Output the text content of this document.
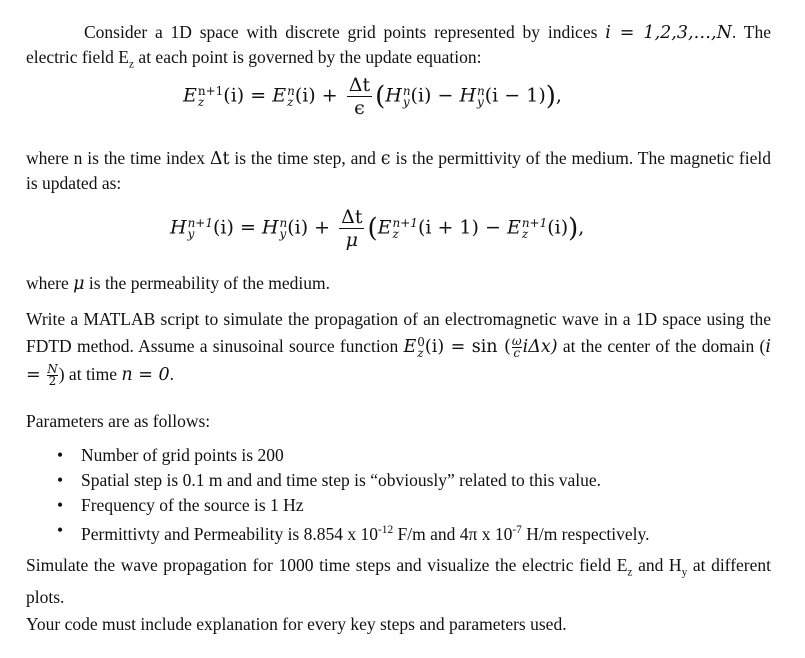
Consider a 1D space with discrete grid points represented by indices i = 1,2,3,…,N. The electric field $E_z$ at each point is governed by the update equation:
E n+1
z	(i) = E n
z $(i) + \frac{\Delta t}{\epsilon} (H$ n
y (i) − H n
y (i − 1)),
where n is the time index Δt is the time step, and ϵ is the permittivity of the medium. The magnetic field is updated as:
H n+1
y (i) = H n
y $(i) + \frac{\Delta t}{\mu} (E$ n+1
z	(i + 1) − E n+1
z	(i)),
where μ is the permeability of the medium.
Write a MATLAB script to simulate the propagation of an electromagnetic wave in a 1D space using the FDTD method. Assume a sinusoinal source function E 0
z $(i) = \sin (\frac{\omega}{c} i\Delta x)$ at the center of the domain ($i = \frac{N}{2}$ ) at time n = 0.
Parameters are as follows:
• Number of grid points is 200
• Spatial step is 0.1 m and and time step is “obviously” related to this value.
• Frequency of the source is 1 Hz
• Permittivty and Permeability is 8.854 x $10^{-12}$ F/m and 4π x $10^{-7}$ H/m respectively.
Simulate the wave propagation for 1000 time steps and visualize the electric field $E_z$ and $H_y$ at different plots.
Your code must include explanation for every key steps and parameters used.
